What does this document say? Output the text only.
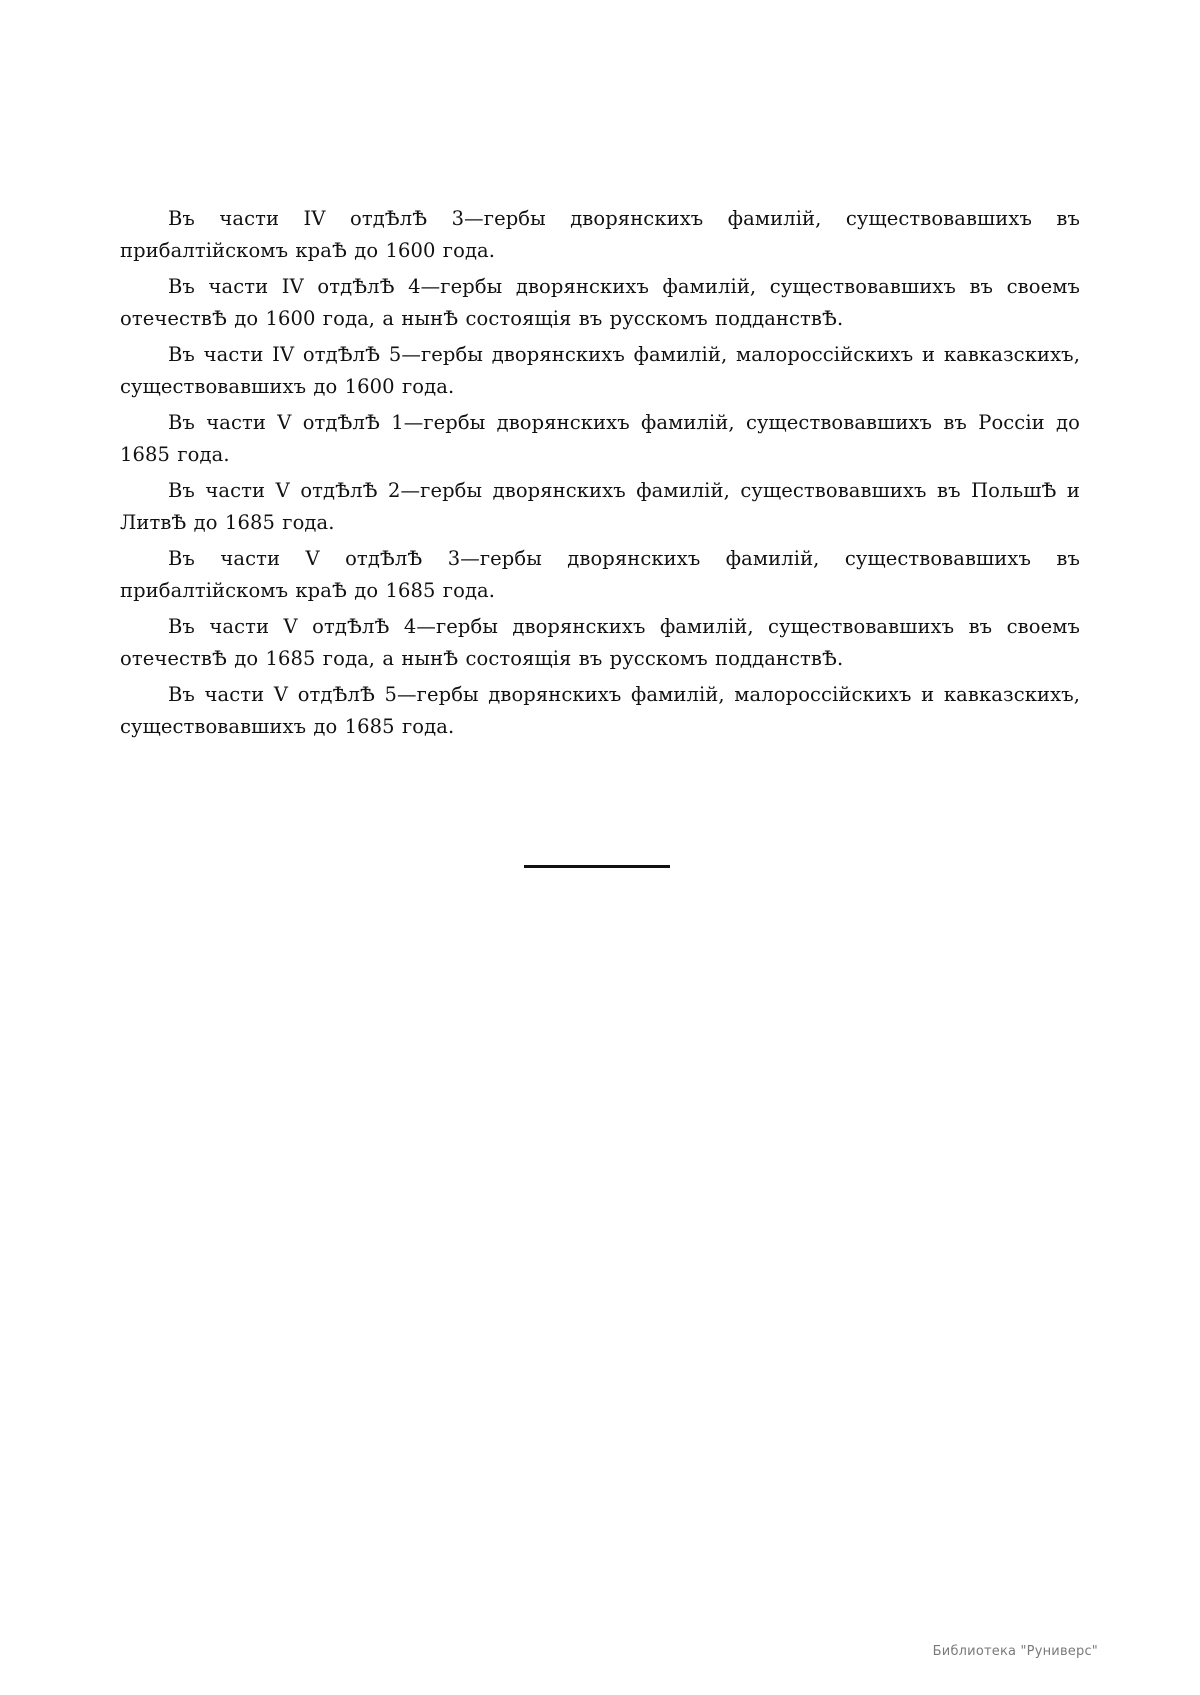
Въ части IV отдѢлѢ 3—гербы дворянскихъ фамилій, существовавшихъ въ прибалтійскомъ краѢ до 1600 года.

Въ части IV отдѢлѢ 4—гербы дворянскихъ фамилій, существовавшихъ въ своемъ отечествѢ до 1600 года, а нынѢ состоящія въ русскомъ подданствѢ.

Въ части IV отдѢлѢ 5—гербы дворянскихъ фамилій, малороссійскихъ и кавказскихъ, существовавшихъ до 1600 года.

Въ части V отдѢлѢ 1—гербы дворянскихъ фамилій, существовавшихъ въ Россіи до 1685 года.

Въ части V отдѢлѢ 2—гербы дворянскихъ фамилій, существовавшихъ въ ПольшѢ и ЛитвѢ до 1685 года.

Въ части V отдѢлѢ 3—гербы дворянскихъ фамилій, существовавшихъ въ прибалтійскомъ краѢ до 1685 года.

Въ части V отдѢлѢ 4—гербы дворянскихъ фамилій, существовавшихъ въ своемъ отечествѢ до 1685 года, а нынѢ состоящія въ русскомъ подданствѢ.

Въ части V отдѢлѢ 5—гербы дворянскихъ фамилій, малороссійскихъ и кавказскихъ, существовавшихъ до 1685 года.

Библиотека "Руниверс"
